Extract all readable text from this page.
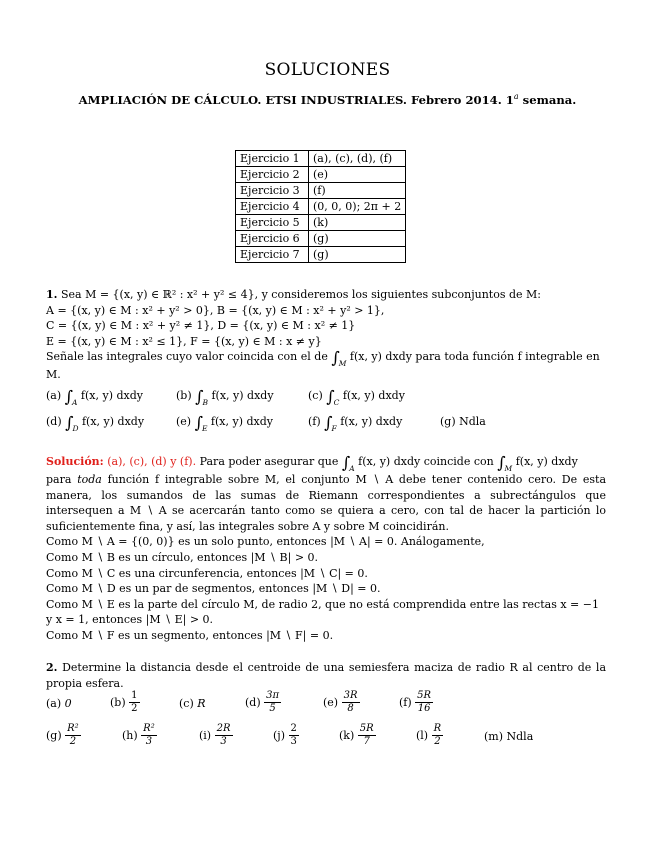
SOLUCIONES
AMPLIACIÓN DE CÁLCULO. ETSI INDUSTRIALES. Febrero 2014. 1$^a$ semana.
Ejercicio 1	(a), (c), (d), (f)
Ejercicio 2	(e)
Ejercicio 3	(f)
Ejercicio 4	(0, 0, 0); 2π + 2
Ejercicio 5	(k)
Ejercicio 6	(g)
Ejercicio 7	(g)
1. Sea M = {(x, y) ∈ ℝ² : x² + y² ≤ 4}, y consideremos los siguientes subconjuntos de M:
A = {(x, y) ∈ M : x² + y² > 0}, B = {(x, y) ∈ M : x² + y² > 1},
C = {(x, y) ∈ M : x² + y² ≠ 1}, D = {(x, y) ∈ M : x² ≠ 1}
E = {(x, y) ∈ M : x² ≤ 1}, F = {(x, y) ∈ M : x ≠ y}
Señale las integrales cuyo valor coincida con el de $\int_M$ f(x, y) dxdy para toda función f integrable en
M.
(a) $\int_A$ f(x, y) dxdy	(b) $\int_B$ f(x, y) dxdy	(c) $\int_C$ f(x, y) dxdy
(d) $\int_D$ f(x, y) dxdy	(e) $\int_E$ f(x, y) dxdy	(f) $\int_F$ f(x, y) dxdy	(g) Ndla
Solución: (a), (c), (d) y (f). Para poder asegurar que $\int_A$ f(x, y) dxdy coincide con $\int_M$ f(x, y) dxdy
para toda función f integrable sobre M, el conjunto M ∖ A debe tener contenido cero. De esta manera, los sumandos de las sumas de Riemann correspondientes a subrectángulos que intersequen a M ∖ A se acercarán tanto como se quiera a cero, con tal de hacer la partición lo suficientemente fina, y así, las integrales sobre A y sobre M coincidirán.
Como M ∖ A = {(0, 0)} es un solo punto, entonces |M ∖ A| = 0. Análogamente,
Como M ∖ B es un círculo, entonces |M ∖ B| > 0.
Como M ∖ C es una circunferencia, entonces |M ∖ C| = 0.
Como M ∖ D es un par de segmentos, entonces |M ∖ D| = 0.
Como M ∖ E es la parte del círculo M, de radio 2, que no está comprendida entre las rectas x = −1
y x = 1, entonces |M ∖ E| > 0.
Como M ∖ F es un segmento, entonces |M ∖ F| = 0.
2. Determine la distancia desde el centroide de una semiesfera maciza de radio R al centro de la propia esfera.
(a) 0	$(b) \frac{1}{2}$	(c) R	$(d) \frac{3\pi}{5}$	$(e) \frac{3R}{8}$	$(f) \frac{5R}{16}$
$(g) \frac{\text{R²}}{2}$	$(h) \frac{\text{R²}}{3}$	$(i) \frac{2R}{3}$	$(j) \frac{2}{3}$	$(k) \frac{5R}{7}$	$(l) \frac{R}{2}$	(m) Ndla
